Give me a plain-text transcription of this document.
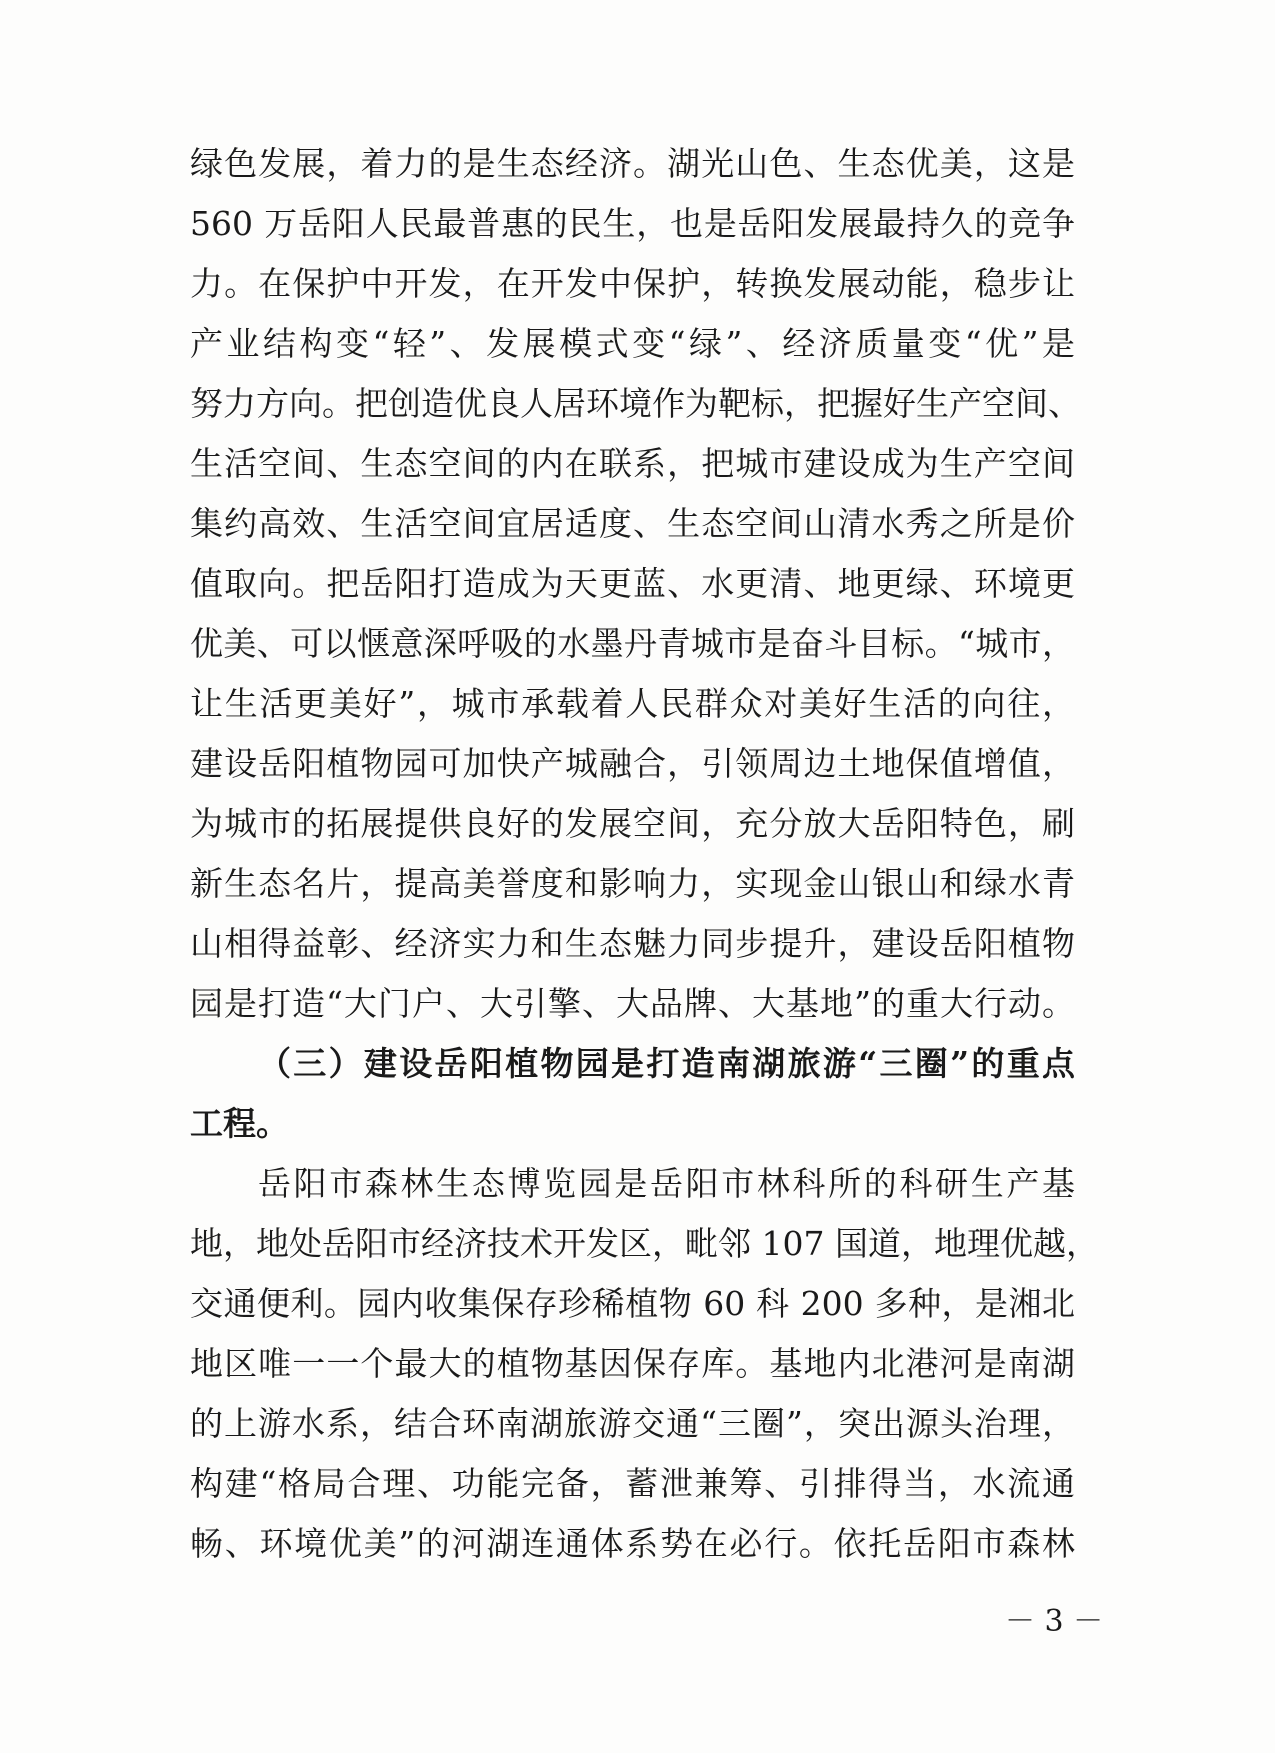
绿色发展，着力的是生态经济。湖光山色、生态优美，这是
560 万岳阳人民最普惠的民生，也是岳阳发展最持久的竞争
力。在保护中开发，在开发中保护，转换发展动能，稳步让
产业结构变“轻”、发展模式变“绿”、经济质量变“优”是
努力方向。把创造优良人居环境作为靶标，把握好生产空间、
生活空间、生态空间的内在联系，把城市建设成为生产空间
集约高效、生活空间宜居适度、生态空间山清水秀之所是价
值取向。把岳阳打造成为天更蓝、水更清、地更绿、环境更
优美、可以惬意深呼吸的水墨丹青城市是奋斗目标。“城市，
让生活更美好”，城市承载着人民群众对美好生活的向往，
建设岳阳植物园可加快产城融合，引领周边土地保值增值，
为城市的拓展提供良好的发展空间，充分放大岳阳特色，刷
新生态名片，提高美誉度和影响力，实现金山银山和绿水青
山相得益彰、经济实力和生态魅力同步提升，建设岳阳植物
园是打造“大门户、大引擎、大品牌、大基地”的重大行动。
（三）建设岳阳植物园是打造南湖旅游“三圈”的重点
工程。
岳阳市森林生态博览园是岳阳市林科所的科研生产基
地，地处岳阳市经济技术开发区，毗邻 107 国道，地理优越，
交通便利。园内收集保存珍稀植物 60 科 200 多种，是湘北
地区唯一一个最大的植物基因保存库。基地内北港河是南湖
的上游水系，结合环南湖旅游交通“三圈”，突出源头治理，
构建“格局合理、功能完备，蓄泄兼筹、引排得当，水流通
畅、环境优美”的河湖连通体系势在必行。依托岳阳市森林
－ 3 －
